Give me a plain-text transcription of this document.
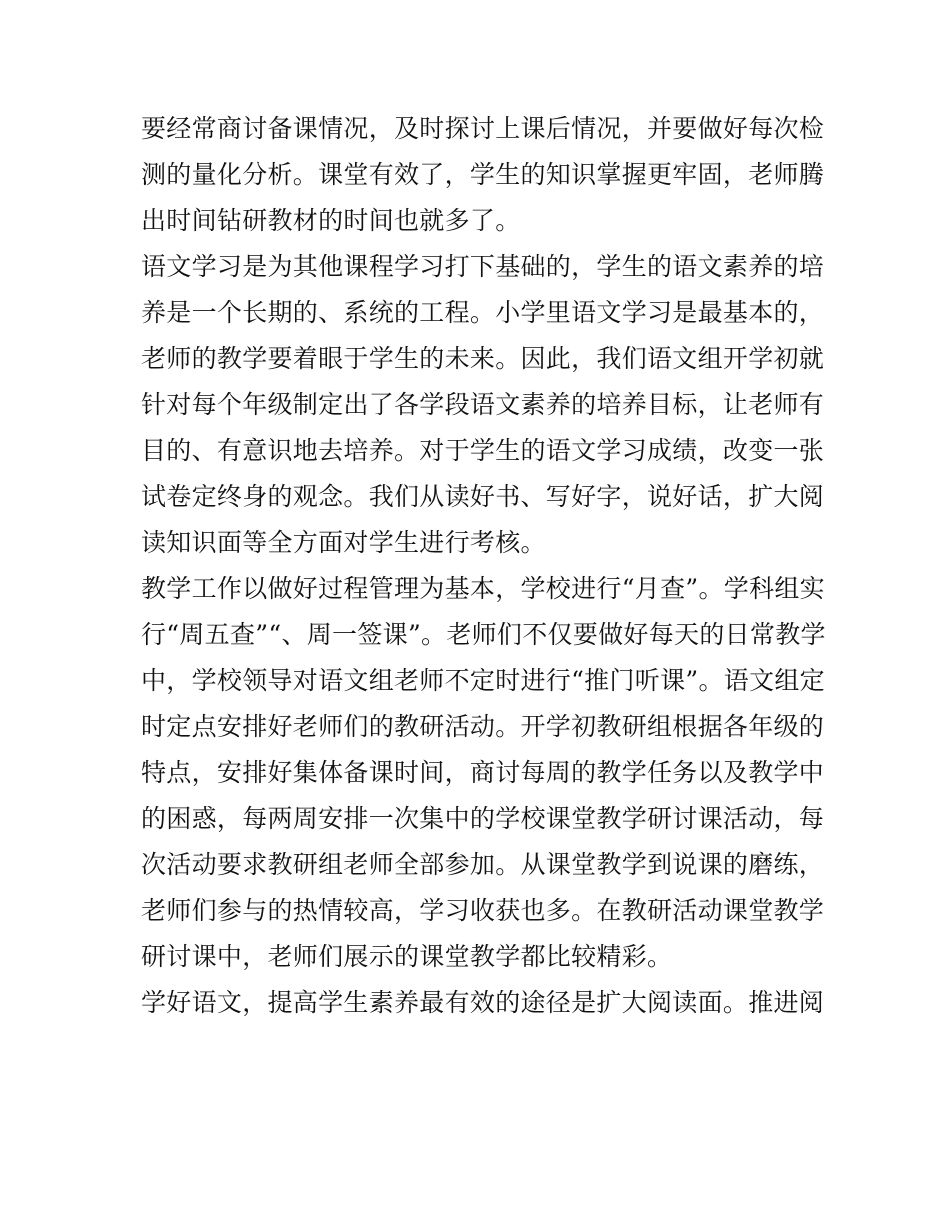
要经常商讨备课情况，及时探讨上课后情况，并要做好每次检
测的量化分析。课堂有效了，学生的知识掌握更牢固，老师腾
出时间钻研教材的时间也就多了。
语文学习是为其他课程学习打下基础的，学生的语文素养的培
养是一个长期的、系统的工程。小学里语文学习是最基本的，
老师的教学要着眼于学生的未来。因此，我们语文组开学初就
针对每个年级制定出了各学段语文素养的培养目标，让老师有
目的、有意识地去培养。对于学生的语文学习成绩，改变一张
试卷定终身的观念。我们从读好书、写好字，说好话，扩大阅
读知识面等全方面对学生进行考核。
教学工作以做好过程管理为基本，学校进行“月查”。学科组实
行“周五查”“、周一签课”。老师们不仅要做好每天的日常教学
中，学校领导对语文组老师不定时进行“推门听课”。语文组定
时定点安排好老师们的教研活动。开学初教研组根据各年级的
特点，安排好集体备课时间，商讨每周的教学任务以及教学中
的困惑，每两周安排一次集中的学校课堂教学研讨课活动，每
次活动要求教研组老师全部参加。从课堂教学到说课的磨练，
老师们参与的热情较高，学习收获也多。在教研活动课堂教学
研讨课中，老师们展示的课堂教学都比较精彩。
学好语文，提高学生素养最有效的途径是扩大阅读面。推进阅
